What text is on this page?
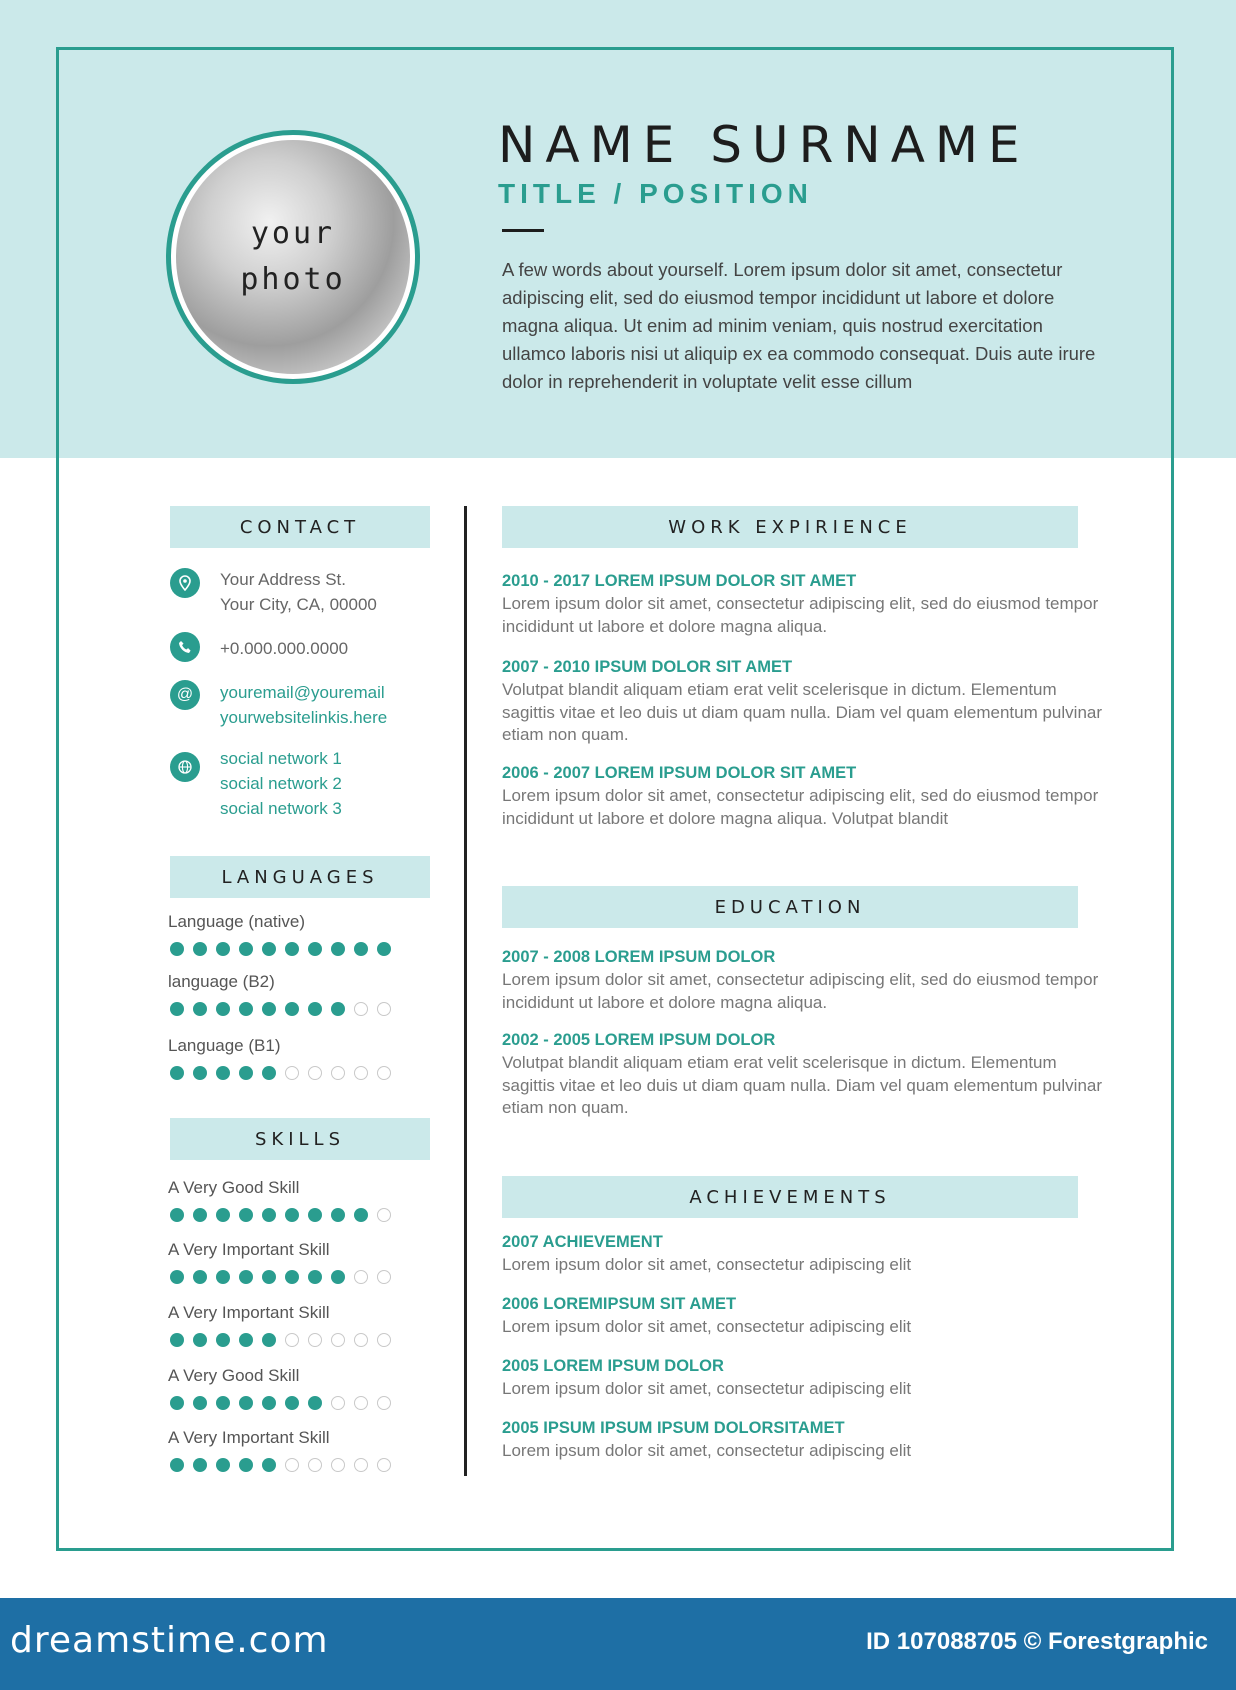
your
photo
NAME SURNAME
TITLE / POSITION
A few words about yourself. Lorem ipsum dolor sit amet, consectetur adipiscing elit, sed do eiusmod tempor incididunt ut labore et dolore magna aliqua. Ut enim ad minim veniam, quis nostrud exercitation ullamco laboris nisi ut aliquip ex ea commodo consequat. Duis aute irure dolor in reprehenderit in voluptate velit esse cillum
CONTACT
Your Address St.
Your City, CA, 00000
+0.000.000.0000
@	youremail@youremail
yourwebsitelinkis.here
social network 1
social network 2
social network 3
LANGUAGES
Language (native)
language (B2)
Language (B1)
SKILLS
A Very Good Skill
A Very Important Skill
A Very Important Skill
A Very Good Skill
A Very Important Skill
WORK EXPIRIENCE
2010 - 2017 LOREM IPSUM DOLOR SIT AMET
Lorem ipsum dolor sit amet, consectetur adipiscing elit, sed do eiusmod tempor incididunt ut labore et dolore magna aliqua.
2007 - 2010 IPSUM DOLOR SIT AMET
Volutpat blandit aliquam etiam erat velit scelerisque in dictum. Elementum sagittis vitae et leo duis ut diam quam nulla. Diam vel quam elementum pulvinar etiam non quam.
2006 - 2007 LOREM IPSUM DOLOR SIT AMET
Lorem ipsum dolor sit amet, consectetur adipiscing elit, sed do eiusmod tempor incididunt ut labore et dolore magna aliqua. Volutpat blandit
EDUCATION
2007 - 2008 LOREM IPSUM DOLOR
Lorem ipsum dolor sit amet, consectetur adipiscing elit, sed do eiusmod tempor incididunt ut labore et dolore magna aliqua.
2002 - 2005 LOREM IPSUM DOLOR
Volutpat blandit aliquam etiam erat velit scelerisque in dictum. Elementum sagittis vitae et leo duis ut diam quam nulla. Diam vel quam elementum pulvinar etiam non quam.
ACHIEVEMENTS
2007 ACHIEVEMENT
Lorem ipsum dolor sit amet, consectetur adipiscing elit
2006 LOREMIPSUM SIT AMET
Lorem ipsum dolor sit amet, consectetur adipiscing elit
2005 LOREM IPSUM DOLOR
Lorem ipsum dolor sit amet, consectetur adipiscing elit
2005 IPSUM IPSUM IPSUM DOLORSITAMET
Lorem ipsum dolor sit amet, consectetur adipiscing elit
dreamstime.com	ID 107088705 © Forestgraphic
